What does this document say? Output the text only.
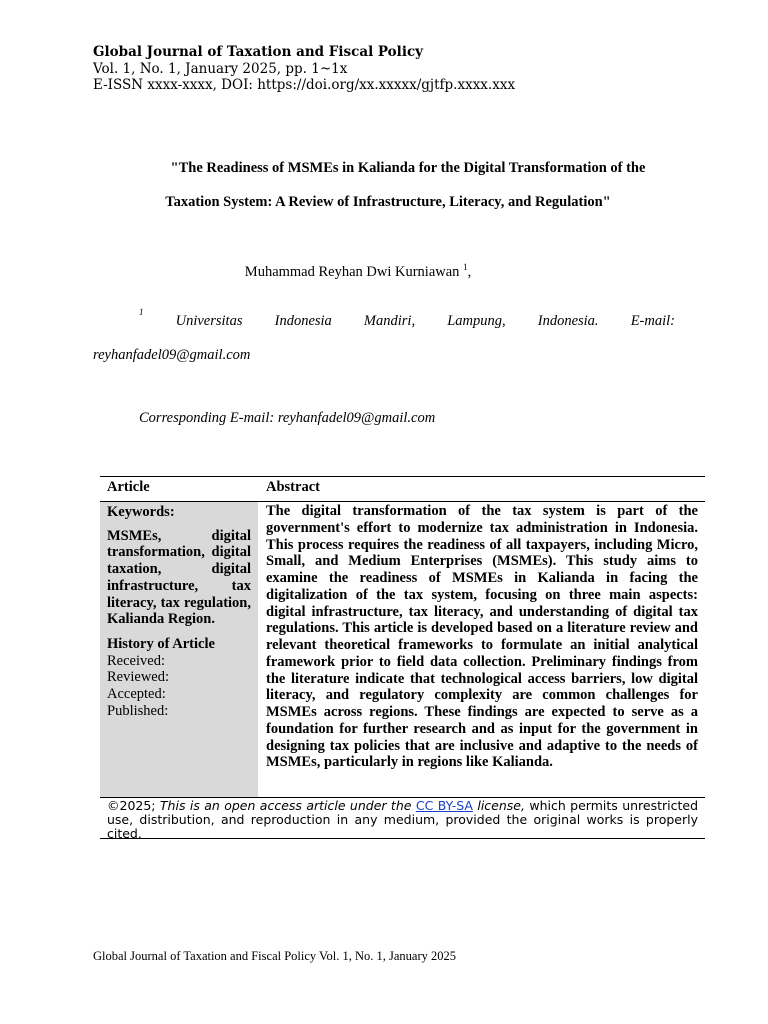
Global Journal of Taxation and Fiscal Policy
Vol. 1, No. 1, January 2025, pp. 1~1x
E-ISSN xxxx-xxxx, DOI: https://doi.org/xx.xxxxx/gjtfp.xxxx.xxx
"The Readiness of MSMEs in Kalianda for the Digital Transformation of the
Taxation System: A Review of Infrastructure, Literacy, and Regulation"
Muhammad Reyhan Dwi Kurniawan $^1$,
1
Universitas Indonesia Mandiri, Lampung, Indonesia. E-mail:
reyhanfadel09@gmail.com
Corresponding E-mail: reyhanfadel09@gmail.com
Article	Abstract
Keywords:
MSMEs, digital transformation, digital taxation, digital infrastructure, tax literacy, tax regulation, Kalianda Region.
History of Article
Received:
Reviewed:
Accepted:
Published:
The digital transformation of the tax system is part of the government's effort to modernize tax administration in Indonesia. This process requires the readiness of all taxpayers, including Micro, Small, and Medium Enterprises (MSMEs). This study aims to examine the readiness of MSMEs in Kalianda in facing the digitalization of the tax system, focusing on three main aspects: digital infrastructure, tax literacy, and understanding of digital tax regulations. This article is developed based on a literature review and relevant theoretical frameworks to formulate an initial analytical framework prior to field data collection. Preliminary findings from the literature indicate that technological access barriers, low digital literacy, and regulatory complexity are common challenges for MSMEs across regions. These findings are expected to serve as a foundation for further research and as input for the government in designing tax policies that are inclusive and adaptive to the needs of MSMEs, particularly in regions like Kalianda.
©2025; This is an open access article under the CC BY-SA license, which permits unrestricted use, distribution, and reproduction in any medium, provided the original works is properly cited.
Global Journal of Taxation and Fiscal Policy Vol. 1, No. 1, January 2025
